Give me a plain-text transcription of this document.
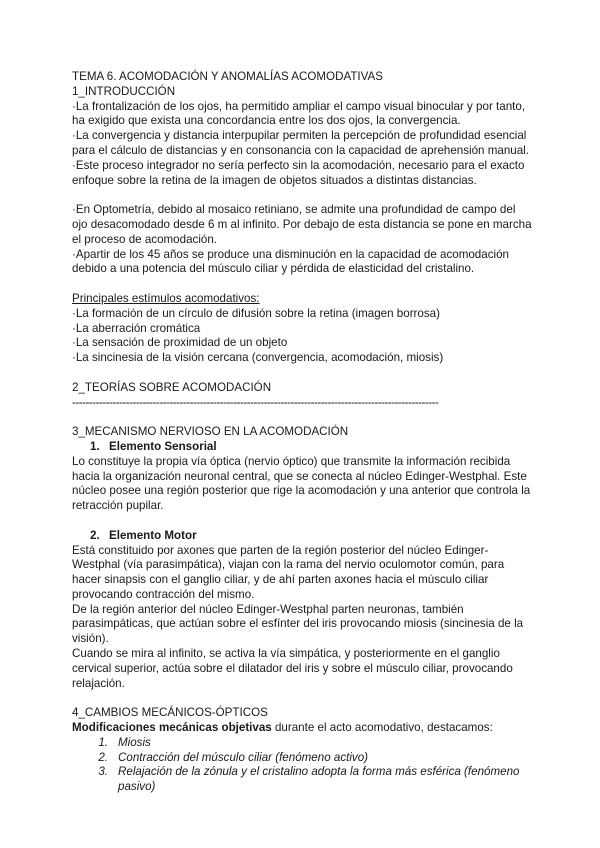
TEMA 6. ACOMODACIÓN Y ANOMALÍAS ACOMODATIVAS

1_INTRODUCCIÓN

·La frontalización de los ojos, ha permitido ampliar el campo visual binocular y por tanto, ha exigido que exista una concordancia entre los dos ojos, la convergencia.

·La convergencia y distancia interpupilar permiten la percepción de profundidad esencial para el cálculo de distancias y en consonancia con la capacidad de aprehensión manual.

·Este proceso integrador no sería perfecto sin la acomodación, necesario para el exacto enfoque sobre la retina de la imagen de objetos situados a distintas distancias.

·En Optometría, debido al mosaico retiniano, se admite una profundidad de campo del ojo desacomodado desde 6 m al infinito. Por debajo de esta distancia se pone en marcha el proceso de acomodación.

·Apartir de los 45 años se produce una disminución en la capacidad de acomodación debido a una potencia del músculo ciliar y pérdida de elasticidad del cristalino.

Principales estímulos acomodativos:

·La formación de un círculo de difusión sobre la retina (imagen borrosa)

·La aberración cromática

·La sensación de proximidad de un objeto

·La sincinesia de la visión cercana (convergencia, acomodación, miosis)

2_TEORÍAS SOBRE ACOMODACIÓN

-------------------------------------------------------------------------------------------------------------

3_MECANISMO NERVIOSO EN LA ACOMODACIÓN

1. Elemento Sensorial

Lo constituye la propia vía óptica (nervio óptico) que transmite la información recibida hacia la organización neuronal central, que se conecta al núcleo Edinger-Westphal. Este núcleo posee una región posterior que rige la acomodación y una anterior que controla la retracción pupilar.

2. Elemento Motor

Está constituido por axones que parten de la región posterior del núcleo Edinger-Westphal (vía parasimpática), viajan con la rama del nervio oculomotor común, para hacer sinapsis con el ganglio ciliar, y de ahí parten axones hacia el músculo ciliar provocando contracción del mismo.

De la región anterior del núcleo Edinger-Westphal parten neuronas, también parasimpáticas, que actúan sobre el esfínter del iris provocando miosis (sincinesia de la visión).

Cuando se mira al infinito, se activa la vía simpática, y posteriormente en el ganglio cervical superior, actúa sobre el dilatador del iris y sobre el músculo ciliar, provocando relajación.

4_CAMBIOS MECÁNICOS-ÓPTICOS

Modificaciones mecánicas objetivas durante el acto acomodativo, destacamos:

1. Miosis
2. Contracción del músculo ciliar (fenómeno activo)
3. Relajación de la zónula y el cristalino adopta la forma más esférica (fenómeno pasivo)
